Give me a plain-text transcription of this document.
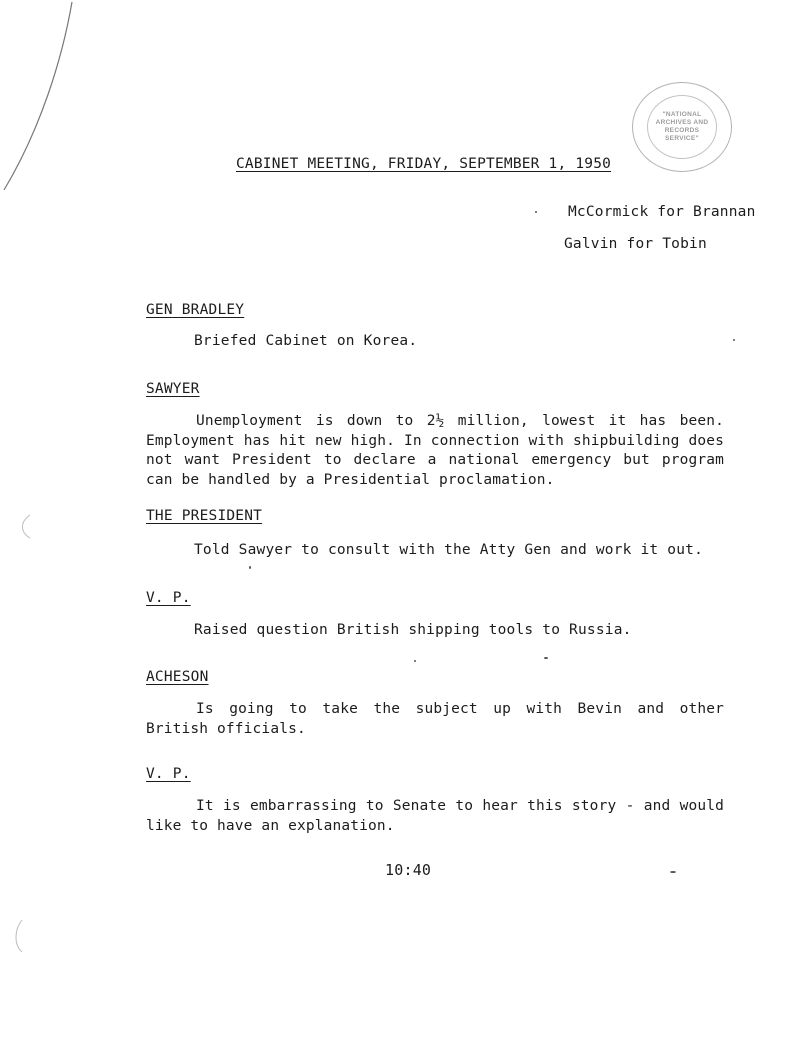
"NATIONAL ARCHIVES AND RECORDS SERVICE"
CABINET MEETING, FRIDAY, SEPTEMBER 1, 1950
McCormick for Brannan
Galvin for Tobin
GEN BRADLEY
Briefed Cabinet on Korea.
SAWYER
Unemployment is down to 2½ million, lowest it has been. Employment has hit new high. In connection with shipbuilding does not want President to declare a national emergency but program can be handled by a Presidential proclamation.
THE PRESIDENT
Told Sawyer to consult with the Atty Gen and work it out.
V. P.
Raised question British shipping tools to Russia.
ACHESON
Is going to take the subject up with Bevin and other British officials.
V. P.
It is embarrassing to Senate to hear this story - and would like to have an explanation.
10:40
